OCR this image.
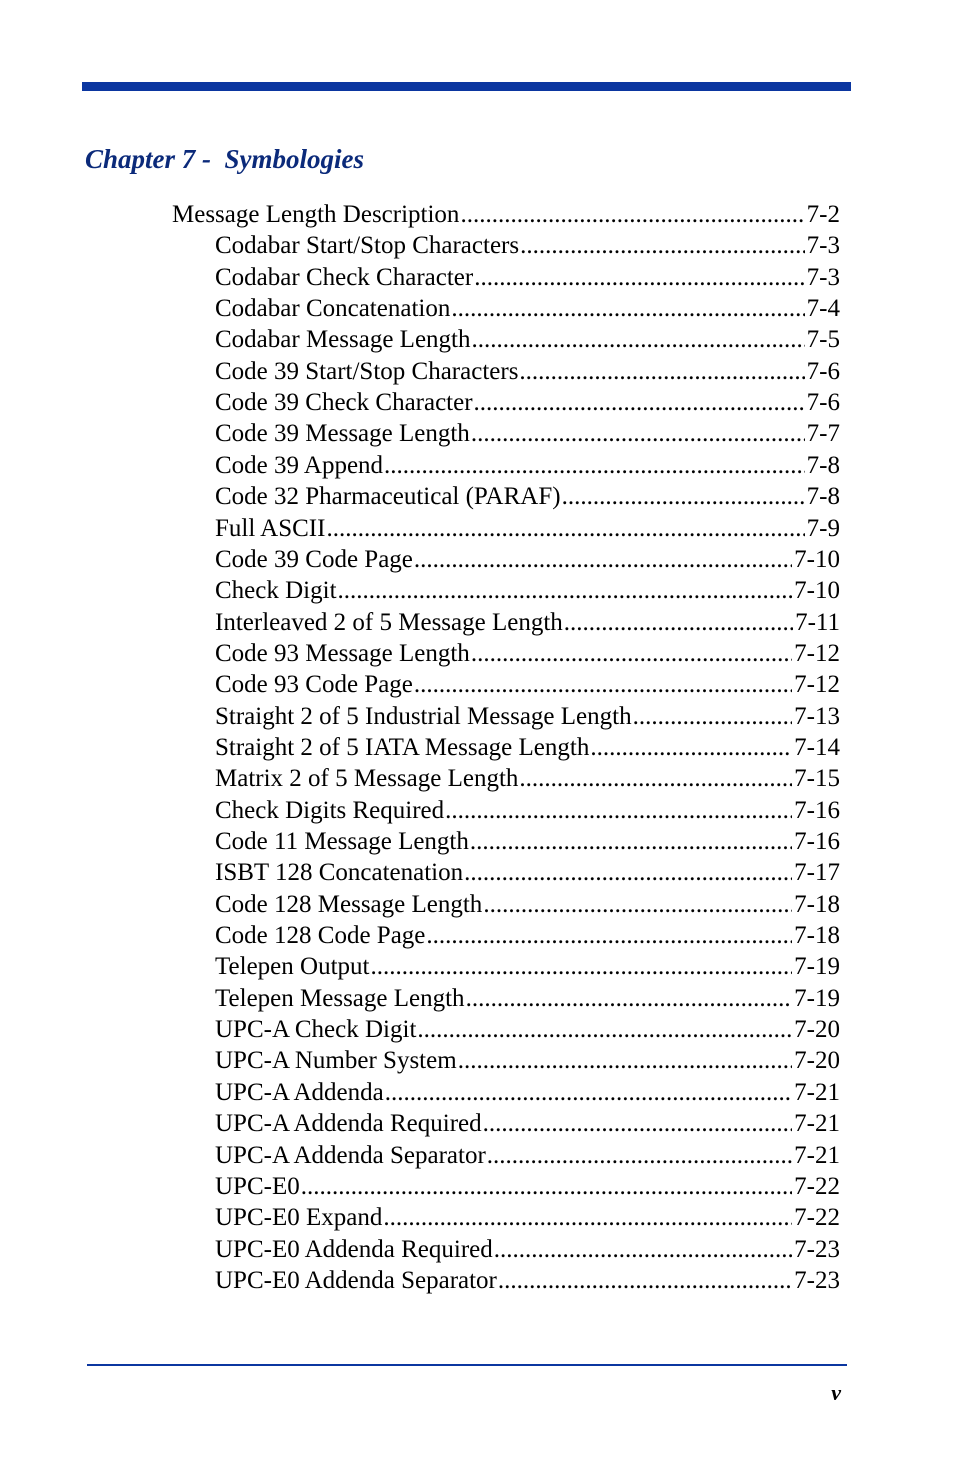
Chapter 7 -  Symbologies
Message Length Description .....	7-2
Codabar Start/Stop Characters .....	7-3
Codabar Check Character .....	7-3
Codabar Concatenation .....	7-4
Codabar Message Length .....	7-5
Code 39 Start/Stop Characters .....	7-6
Code 39 Check Character .....	7-6
Code 39 Message Length .....	7-7
Code 39 Append .....	7-8
Code 32 Pharmaceutical (PARAF) .....	7-8
Full ASCII .....	7-9
Code 39 Code Page .....	7-10
Check Digit .....	7-10
Interleaved 2 of 5 Message Length .....	7-11
Code 93 Message Length .....	7-12
Code 93 Code Page .....	7-12
Straight 2 of 5 Industrial Message Length .....	7-13
Straight 2 of 5 IATA Message Length .....	7-14
Matrix 2 of 5 Message Length .....	7-15
Check Digits Required .....	7-16
Code 11 Message Length .....	7-16
ISBT 128 Concatenation .....	7-17
Code 128 Message Length .....	7-18
Code 128 Code Page .....	7-18
Telepen Output .....	7-19
Telepen Message Length .....	7-19
UPC-A Check Digit .....	7-20
UPC-A Number System .....	7-20
UPC-A Addenda .....	7-21
UPC-A Addenda Required .....	7-21
UPC-A Addenda Separator .....	7-21
UPC-E0 .....	7-22
UPC-E0 Expand .....	7-22
UPC-E0 Addenda Required .....	7-23
UPC-E0 Addenda Separator .....	7-23
v
